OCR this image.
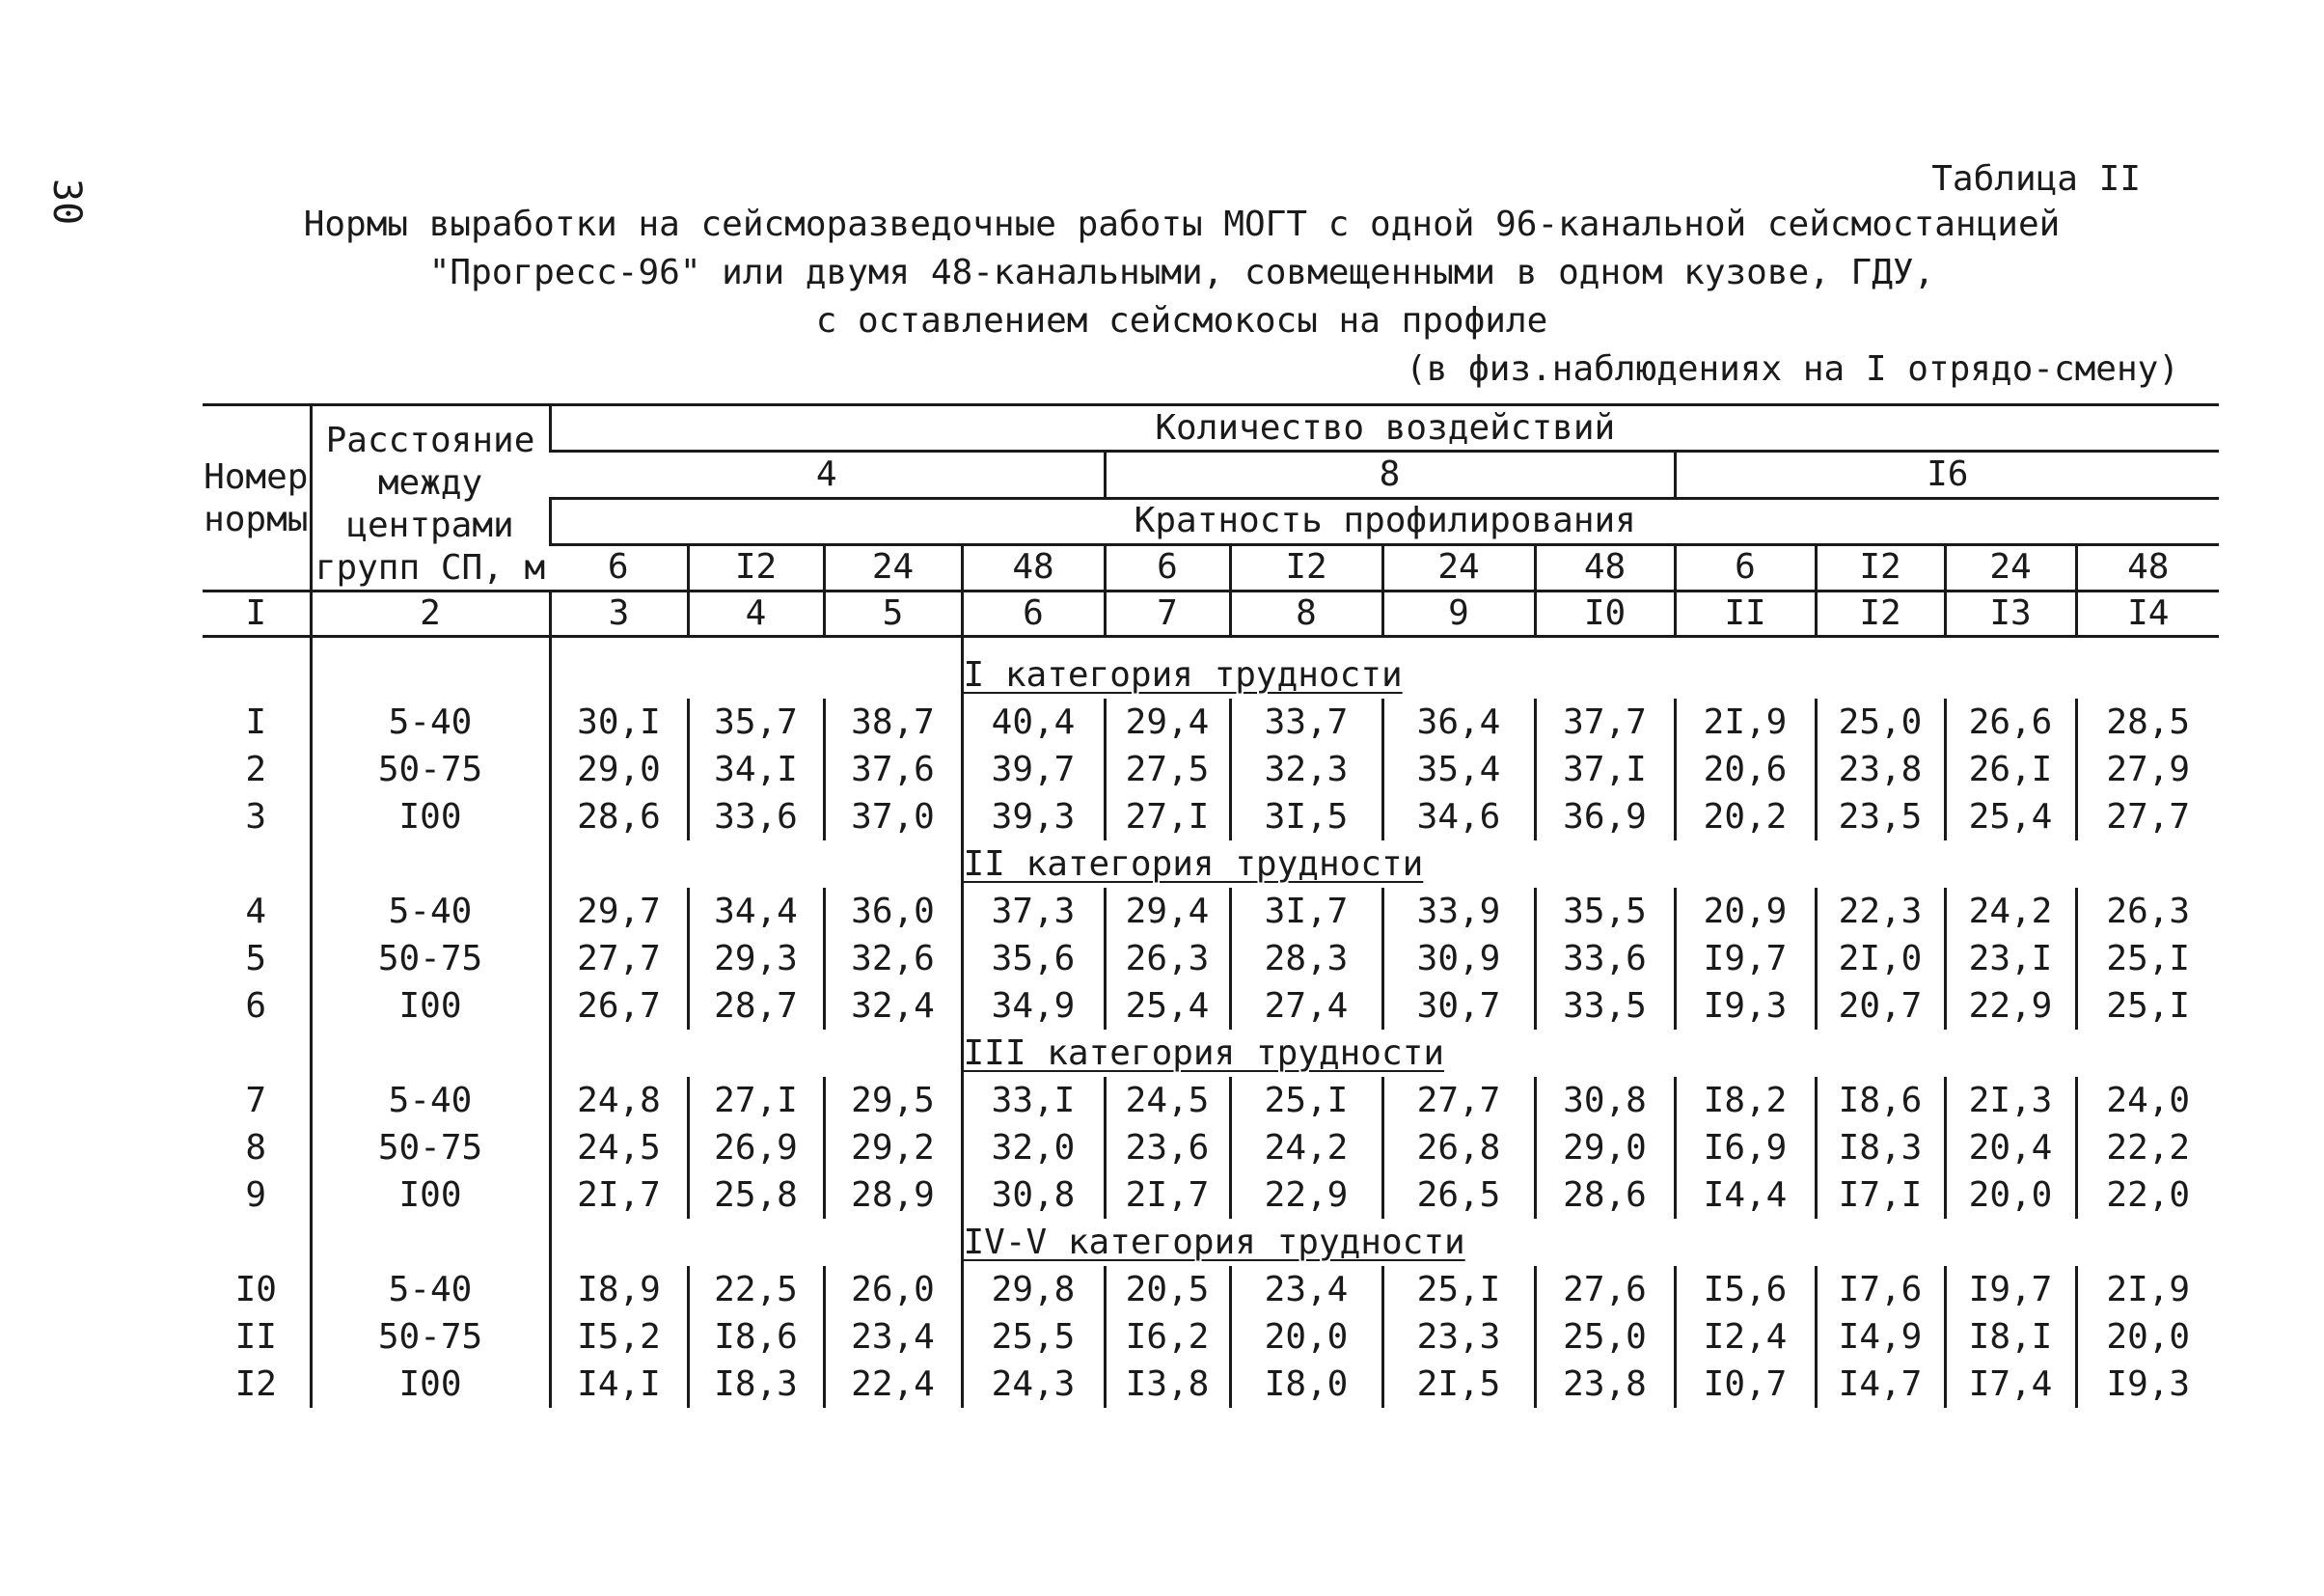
30	Таблица II
Нормы выработки на сейсморазведочные работы МОГТ с одной 96-канальной сейсмостанцией
"Прогресс-96" или двумя 48-канальными, совмещенными в одном кузове, ГДУ,
с оставлением сейсмокосы на профиле
(в физ.наблюдениях на I отрядо-смену)
Номер нормы	Расстояние между центрами групп СП, м	Количество воздействий											
		4				8				I6			
		Кратность профилирования											
		6	I2	24	48	6	I2	24	48	6	I2	24	48
I	2	3	4	5	6	7	8	9	I0	II	I2	I3	I4
					I категория трудности								
I	5-40	30,I	35,7	38,7	40,4	29,4	33,7	36,4	37,7	2I,9	25,0	26,6	28,5
2	50-75	29,0	34,I	37,6	39,7	27,5	32,3	35,4	37,I	20,6	23,8	26,I	27,9
3	I00	28,6	33,6	37,0	39,3	27,I	3I,5	34,6	36,9	20,2	23,5	25,4	27,7
					II категория трудности								
4	5-40	29,7	34,4	36,0	37,3	29,4	3I,7	33,9	35,5	20,9	22,3	24,2	26,3
5	50-75	27,7	29,3	32,6	35,6	26,3	28,3	30,9	33,6	I9,7	2I,0	23,I	25,I
6	I00	26,7	28,7	32,4	34,9	25,4	27,4	30,7	33,5	I9,3	20,7	22,9	25,I
					III категория трудности								
7	5-40	24,8	27,I	29,5	33,I	24,5	25,I	27,7	30,8	I8,2	I8,6	2I,3	24,0
8	50-75	24,5	26,9	29,2	32,0	23,6	24,2	26,8	29,0	I6,9	I8,3	20,4	22,2
9	I00	2I,7	25,8	28,9	30,8	2I,7	22,9	26,5	28,6	I4,4	I7,I	20,0	22,0
					IV-V категория трудности								
I0	5-40	I8,9	22,5	26,0	29,8	20,5	23,4	25,I	27,6	I5,6	I7,6	I9,7	2I,9
II	50-75	I5,2	I8,6	23,4	25,5	I6,2	20,0	23,3	25,0	I2,4	I4,9	I8,I	20,0
I2	I00	I4,I	I8,3	22,4	24,3	I3,8	I8,0	2I,5	23,8	I0,7	I4,7	I7,4	I9,3
